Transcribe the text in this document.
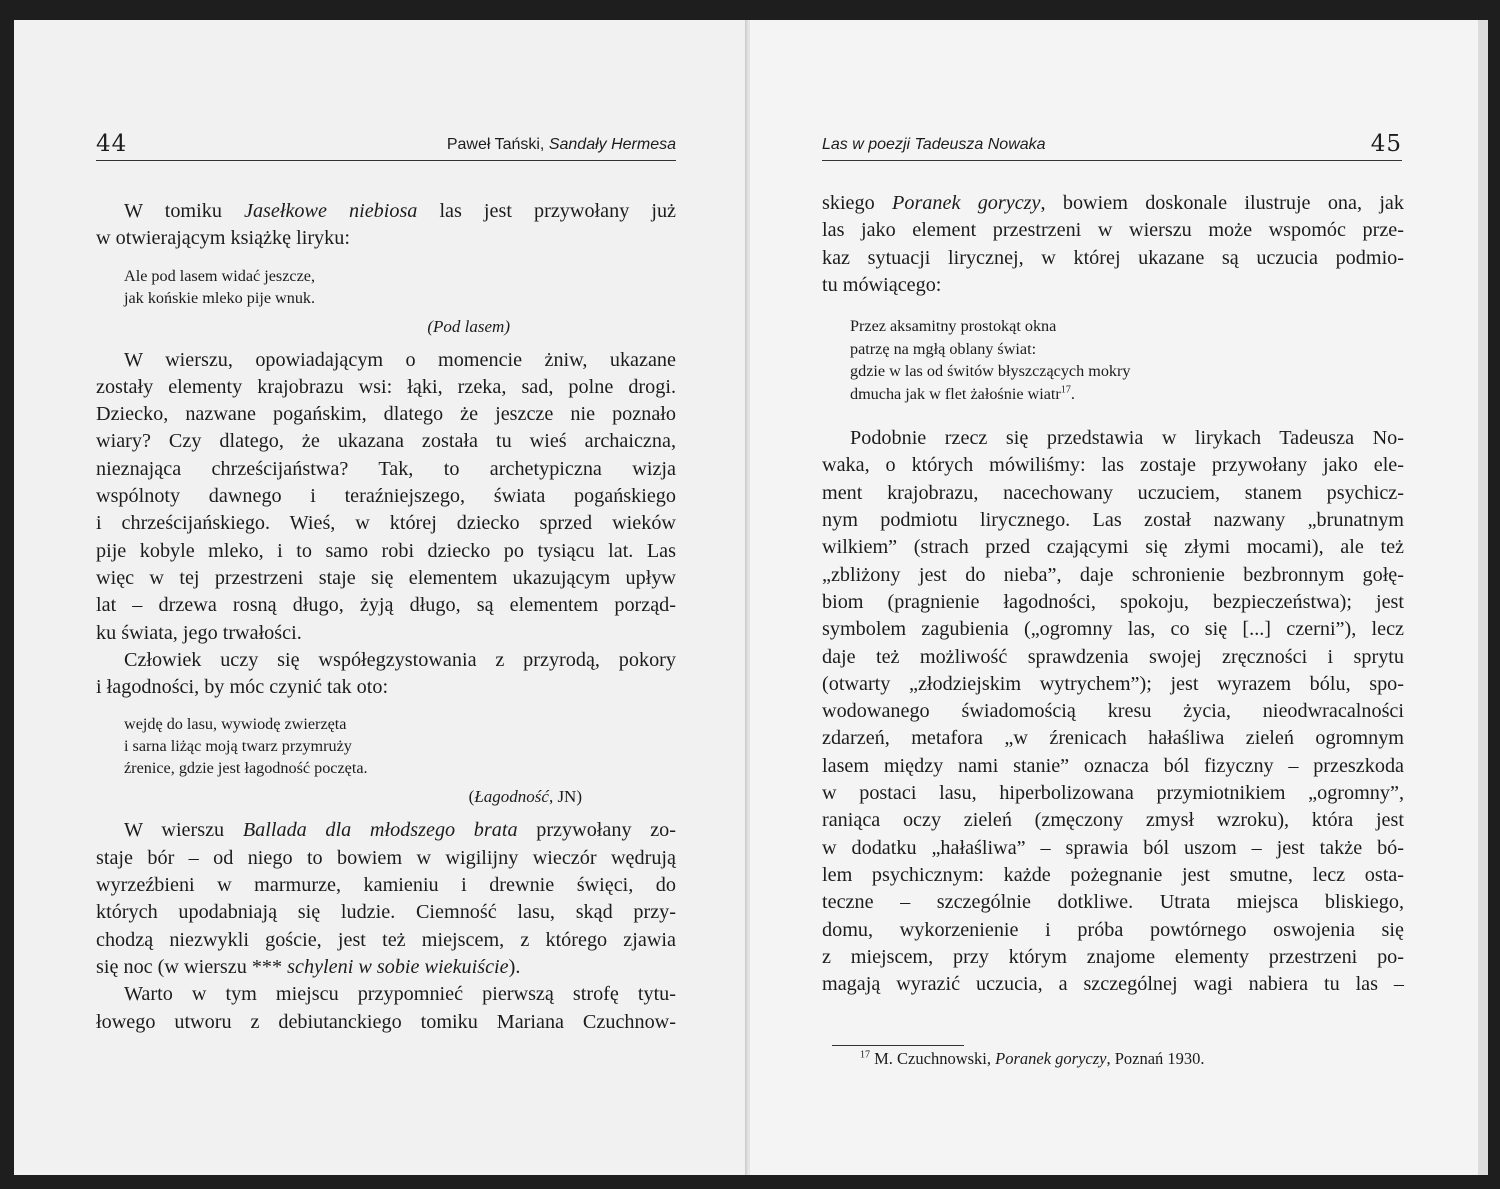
44	Paweł Tański, Sandały Hermesa

W tomiku Jasełkowe niebiosa las jest przywołany już
w otwierającym książkę liryku:

Ale pod lasem widać jeszcze,
jak końskie mleko pije wnuk.
(Pod lasem)

W wierszu, opowiadającym o momencie żniw, ukazane
zostały elementy krajobrazu wsi: łąki, rzeka, sad, polne drogi.
Dziecko, nazwane pogańskim, dlatego że jeszcze nie poznało
wiary? Czy dlatego, że ukazana została tu wieś archaiczna,
nieznająca chrześcijaństwa? Tak, to archetypiczna wizja
wspólnoty dawnego i teraźniejszego, świata pogańskiego
i chrześcijańskiego. Wieś, w której dziecko sprzed wieków
pije kobyle mleko, i to samo robi dziecko po tysiącu lat. Las
więc w tej przestrzeni staje się elementem ukazującym upływ
lat – drzewa rosną długo, żyją długo, są elementem porząd-
ku świata, jego trwałości.

Człowiek uczy się współegzystowania z przyrodą, pokory
i łagodności, by móc czynić tak oto:

wejdę do lasu, wywiodę zwierzęta
i sarna liżąc moją twarz przymruży
źrenice, gdzie jest łagodność poczęta.
(Łagodność, JN)

W wierszu Ballada dla młodszego brata przywołany zo-
staje bór – od niego to bowiem w wigilijny wieczór wędrują
wyrzeźbieni w marmurze, kamieniu i drewnie święci, do
których upodabniają się ludzie. Ciemność lasu, skąd przy-
chodzą niezwykli goście, jest też miejscem, z którego zjawia
się noc (w wierszu *** schyleni w sobie wiekuiście).

Warto w tym miejscu przypomnieć pierwszą strofę tytu-
łowego utworu z debiutanckiego tomiku Mariana Czuchnow-

Las w poezji Tadeusza Nowaka	45

skiego Poranek goryczy, bowiem doskonale ilustruje ona, jak
las jako element przestrzeni w wierszu może wspomóc prze-
kaz sytuacji lirycznej, w której ukazane są uczucia podmio-
tu mówiącego:

Przez aksamitny prostokąt okna
patrzę na mgłą oblany świat:
gdzie w las od świtów błyszczących mokry
dmucha jak w flet żałośnie wiatr$^{17}$.

Podobnie rzecz się przedstawia w lirykach Tadeusza No-
waka, o których mówiliśmy: las zostaje przywołany jako ele-
ment krajobrazu, nacechowany uczuciem, stanem psychicz-
nym podmiotu lirycznego. Las został nazwany „brunatnym
wilkiem” (strach przed czającymi się złymi mocami), ale też
„zbliżony jest do nieba”, daje schronienie bezbronnym gołę-
biom (pragnienie łagodności, spokoju, bezpieczeństwa); jest
symbolem zagubienia („ogromny las, co się [...] czerni”), lecz
daje też możliwość sprawdzenia swojej zręczności i sprytu
(otwarty „złodziejskim wytrychem”); jest wyrazem bólu, spo-
wodowanego świadomością kresu życia, nieodwracalności
zdarzeń, metafora „w źrenicach hałaśliwa zieleń ogromnym
lasem między nami stanie” oznacza ból fizyczny – przeszkoda
w postaci lasu, hiperbolizowana przymiotnikiem „ogromny”,
raniąca oczy zieleń (zmęczony zmysł wzroku), która jest
w dodatku „hałaśliwa” – sprawia ból uszom – jest także bó-
lem psychicznym: każde pożegnanie jest smutne, lecz osta-
teczne – szczególnie dotkliwe. Utrata miejsca bliskiego,
domu, wykorzenienie i próba powtórnego oswojenia się
z miejscem, przy którym znajome elementy przestrzeni po-
magają wyrazić uczucia, a szczególnej wagi nabiera tu las –

$^{17}$ M. Czuchnowski, Poranek goryczy, Poznań 1930.
